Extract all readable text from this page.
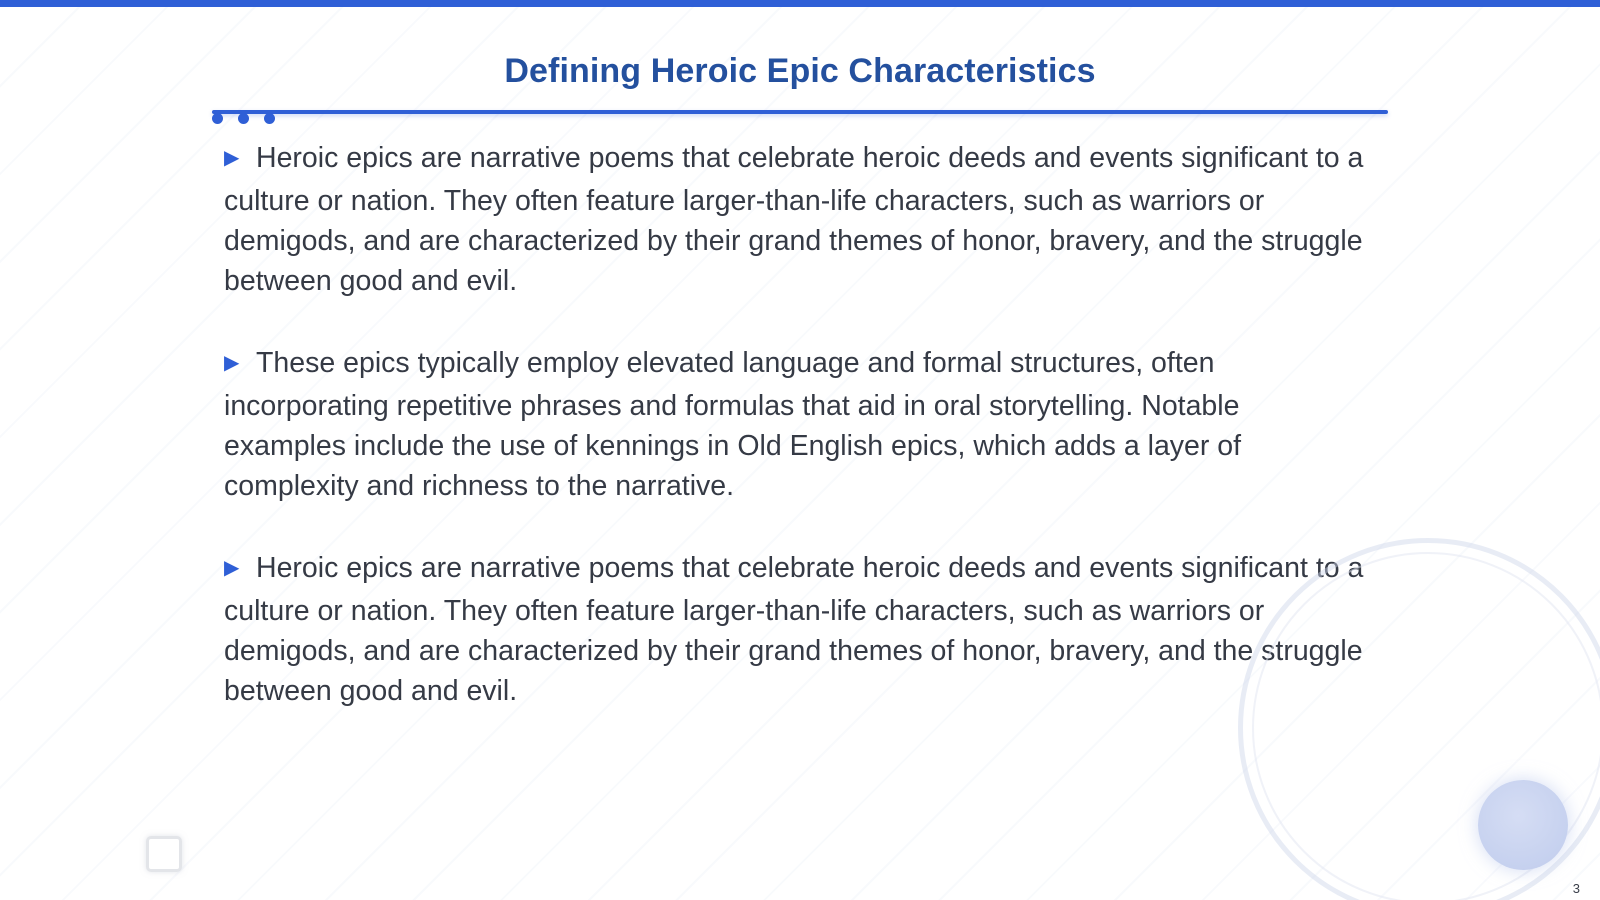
Defining Heroic Epic Characteristics

▶ Heroic epics are narrative poems that celebrate heroic deeds and events significant to a culture or nation. They often feature larger-than-life characters, such as warriors or demigods, and are characterized by their grand themes of honor, bravery, and the struggle between good and evil.

▶ These epics typically employ elevated language and formal structures, often incorporating repetitive phrases and formulas that aid in oral storytelling. Notable examples include the use of kennings in Old English epics, which adds a layer of complexity and richness to the narrative.

▶ Heroic epics are narrative poems that celebrate heroic deeds and events significant to a culture or nation. They often feature larger-than-life characters, such as warriors or demigods, and are characterized by their grand themes of honor, bravery, and the struggle between good and evil.

3
